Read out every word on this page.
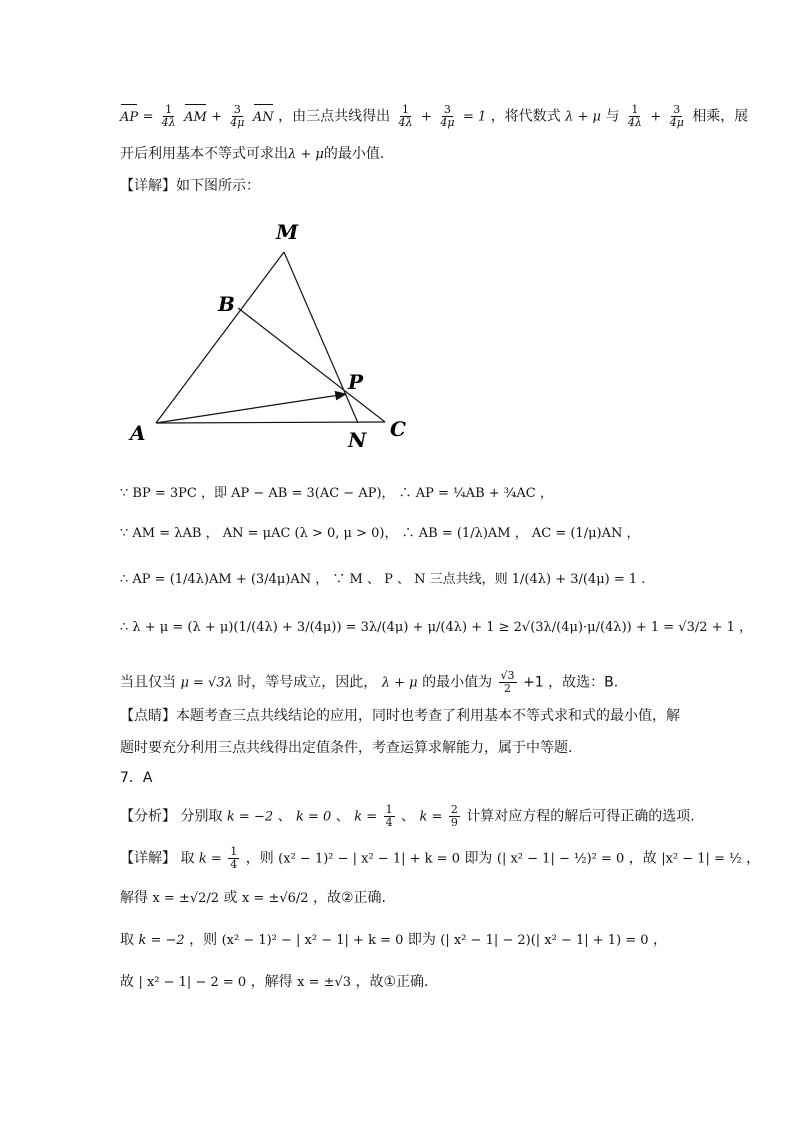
AP = $\frac{1}{4\lambda}$ AM + $\frac{3}{4\mu}$ AN ，由三点共线得出 $\frac{1}{4\lambda} + \frac{3}{4\mu} = 1$ ，将代数式 λ + μ 与 $\frac{1}{4\lambda} + \frac{3}{4\mu}$ 相乘，展
开后利用基本不等式可求出λ + μ的最小值.
【详解】如下图所示：
M
B
P
A	N C
∵ BP = 3PC ，即 AP − AB = 3(AC − AP)， ∴ AP = ¼AB + ¾AC ，
∵ AM = λAB ， AN = μAC (λ > 0, μ > 0)， ∴ AB = (1/λ)AM ， AC = (1/μ)AN ，
∴ AP = (1/4λ)AM + (3/4μ)AN ， ∵ M 、 P 、 N 三点共线，则 1/(4λ) + 3/(4μ) = 1 .
∴ λ + μ = (λ + μ)(1/(4λ) + 3/(4μ)) = 3λ/(4μ) + μ/(4λ) + 1 ≥ 2√(3λ/(4μ)·μ/(4λ)) + 1 = √3/2 + 1 ，
当且仅当 μ = √3λ 时，等号成立，因此， λ + μ 的最小值为 $\frac{√3}{2} +1$ ，故选：B.
【点睛】本题考查三点共线结论的应用，同时也考查了利用基本不等式求和式的最小值，解
题时要充分利用三点共线得出定值条件，考查运算求解能力，属于中等题.
7．A
【分析】 分别取 k = −2 、 k = 0 、 $k = \frac{1}{4}$ 、 $k = \frac{2}{9}$ 计算对应方程的解后可得正确的选项.
【详解】 取 $k = \frac{1}{4}$ ，则 (x² − 1)² − | x² − 1| + k = 0 即为 (| x² − 1| − ½)² = 0 ，故 |x² − 1| = ½ ，
解得 x = ±√2/2 或 x = ±√6/2 ，故②正确.
取 k = −2 ，则 (x² − 1)² − | x² − 1| + k = 0 即为 (| x² − 1| − 2)(| x² − 1| + 1) = 0 ，
故 | x² − 1| − 2 = 0 ，解得 x = ±√3 ，故①正确.
